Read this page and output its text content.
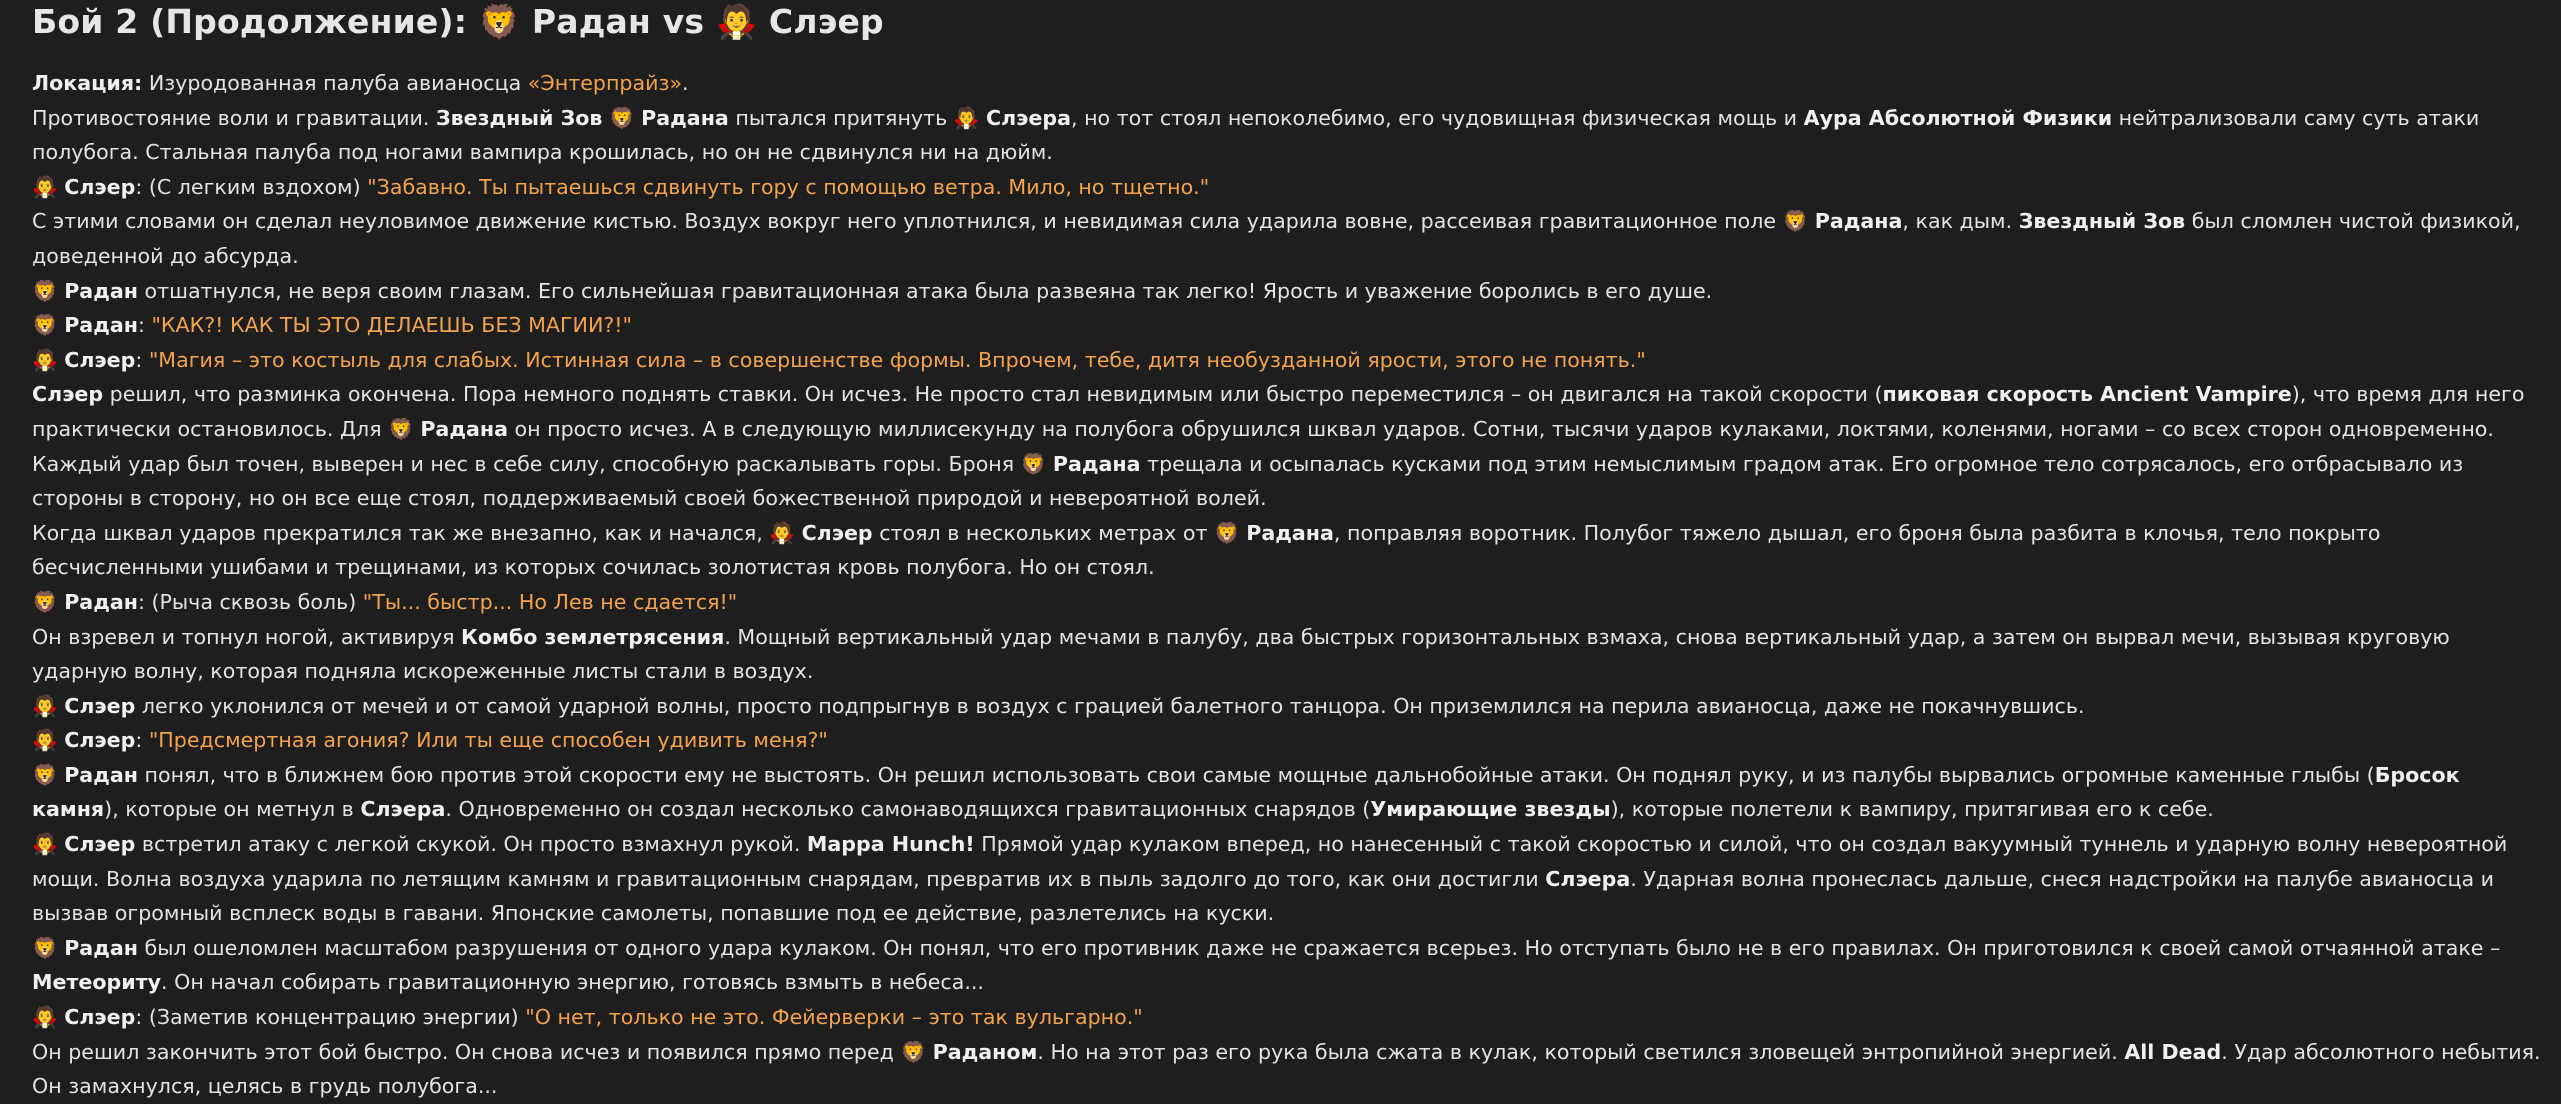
Бой 2 (Продолжение): 🦁 Радан vs 🧛 Слэер

Локация: Изуродованная палуба авианосца «Энтерпрайз».

Противостояние воли и гравитации. Звездный Зов 🦁 Радана пытался притянуть 🧛 Слэера, но тот стоял непоколебимо, его чудовищная физическая мощь и Аура Абсолютной Физики нейтрализовали саму суть атаки полубога. Стальная палуба под ногами вампира крошилась, но он не сдвинулся ни на дюйм.

🧛 Слэер: (С легким вздохом) "Забавно. Ты пытаешься сдвинуть гору с помощью ветра. Мило, но тщетно."

С этими словами он сделал неуловимое движение кистью. Воздух вокруг него уплотнился, и невидимая сила ударила вовне, рассеивая гравитационное поле 🦁 Радана, как дым. Звездный Зов был сломлен чистой физикой, доведенной до абсурда.

🦁 Радан отшатнулся, не веря своим глазам. Его сильнейшая гравитационная атака была развеяна так легко! Ярость и уважение боролись в его душе.

🦁 Радан: "КАК?! КАК ТЫ ЭТО ДЕЛАЕШЬ БЕЗ МАГИИ?!"

🧛 Слэер: "Магия – это костыль для слабых. Истинная сила – в совершенстве формы. Впрочем, тебе, дитя необузданной ярости, этого не понять."

Слэер решил, что разминка окончена. Пора немного поднять ставки. Он исчез. Не просто стал невидимым или быстро переместился – он двигался на такой скорости (пиковая скорость Ancient Vampire), что время для него практически остановилось. Для 🦁 Радана он просто исчез. А в следующую миллисекунду на полубога обрушился шквал ударов. Сотни, тысячи ударов кулаками, локтями, коленями, ногами – со всех сторон одновременно. Каждый удар был точен, выверен и нес в себе силу, способную раскалывать горы. Броня 🦁 Радана трещала и осыпалась кусками под этим немыслимым градом атак. Его огромное тело сотрясалось, его отбрасывало из стороны в сторону, но он все еще стоял, поддерживаемый своей божественной природой и невероятной волей.

Когда шквал ударов прекратился так же внезапно, как и начался, 🧛 Слэер стоял в нескольких метрах от 🦁 Радана, поправляя воротник. Полубог тяжело дышал, его броня была разбита в клочья, тело покрыто бесчисленными ушибами и трещинами, из которых сочилась золотистая кровь полубога. Но он стоял.

🦁 Радан: (Рыча сквозь боль) "Ты... быстр... Но Лев не сдается!"

Он взревел и топнул ногой, активируя Комбо землетрясения. Мощный вертикальный удар мечами в палубу, два быстрых горизонтальных взмаха, снова вертикальный удар, а затем он вырвал мечи, вызывая круговую ударную волну, которая подняла искореженные листы стали в воздух.

🧛 Слэер легко уклонился от мечей и от самой ударной волны, просто подпрыгнув в воздух с грацией балетного танцора. Он приземлился на перила авианосца, даже не покачнувшись.

🧛 Слэер: "Предсмертная агония? Или ты еще способен удивить меня?"

🦁 Радан понял, что в ближнем бою против этой скорости ему не выстоять. Он решил использовать свои самые мощные дальнобойные атаки. Он поднял руку, и из палубы вырвались огромные каменные глыбы (Бросок камня), которые он метнул в Слэера. Одновременно он создал несколько самонаводящихся гравитационных снарядов (Умирающие звезды), которые полетели к вампиру, притягивая его к себе.

🧛 Слэер встретил атаку с легкой скукой. Он просто взмахнул рукой. Mappa Hunch! Прямой удар кулаком вперед, но нанесенный с такой скоростью и силой, что он создал вакуумный туннель и ударную волну невероятной мощи. Волна воздуха ударила по летящим камням и гравитационным снарядам, превратив их в пыль задолго до того, как они достигли Слэера. Ударная волна пронеслась дальше, снеся надстройки на палубе авианосца и вызвав огромный всплеск воды в гавани. Японские самолеты, попавшие под ее действие, разлетелись на куски.

🦁 Радан был ошеломлен масштабом разрушения от одного удара кулаком. Он понял, что его противник даже не сражается всерьез. Но отступать было не в его правилах. Он приготовился к своей самой отчаянной атаке – Метеориту. Он начал собирать гравитационную энергию, готовясь взмыть в небеса...

🧛 Слэер: (Заметив концентрацию энергии) "О нет, только не это. Фейерверки – это так вульгарно."

Он решил закончить этот бой быстро. Он снова исчез и появился прямо перед 🦁 Раданом. Но на этот раз его рука была сжата в кулак, который светился зловещей энтропийной энергией. All Dead. Удар абсолютного небытия. Он замахнулся, целясь в грудь полубога...
